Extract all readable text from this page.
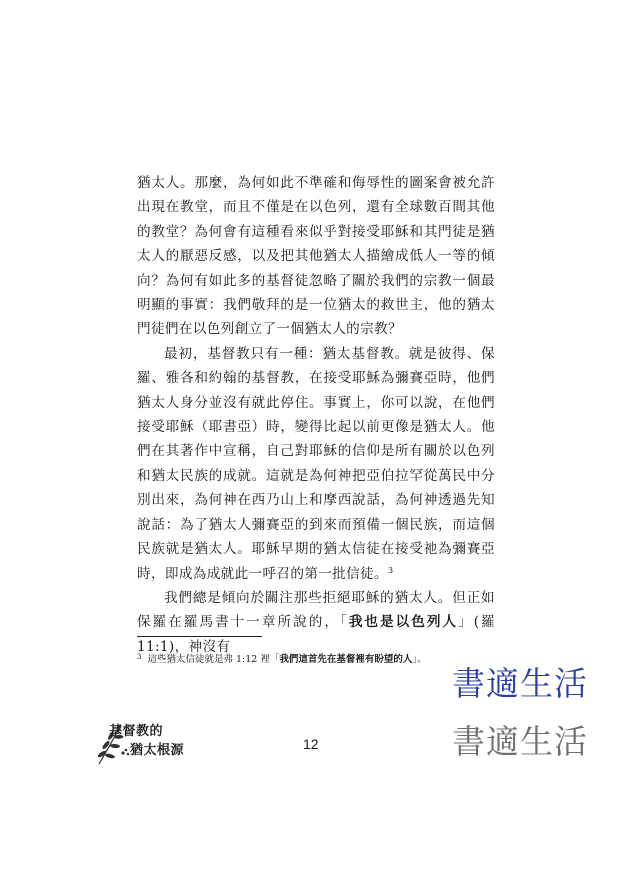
猶太人。那麼，為何如此不準確和侮辱性的圖案會被允許出現在教堂，而且不僅是在以色列，還有全球數百間其他的教堂？為何會有這種看來似乎對接受耶穌和其門徒是猶太人的厭惡反感，以及把其他猶太人描繪成低人一等的傾向？為何有如此多的基督徒忽略了關於我們的宗教一個最明顯的事實：我們敬拜的是一位猶太的救世主，他的猶太門徒們在以色列創立了一個猶太人的宗教？

最初，基督教只有一種：猶太基督教。就是彼得、保羅、雅各和約翰的基督教，在接受耶穌為彌賽亞時，他們猶太人身分並沒有就此停住。事實上，你可以說，在他們接受耶穌（耶書亞）時，變得比起以前更像是猶太人。他們在其著作中宣稱，自己對耶穌的信仰是所有關於以色列和猶太民族的成就。這就是為何神把亞伯拉罕從萬民中分別出來，為何神在西乃山上和摩西說話，為何神透過先知說話：為了猶太人彌賽亞的到來而預備一個民族，而這個民族就是猶太人。耶穌早期的猶太信徒在接受祂為彌賽亞時，即成為成就此一呼召的第一批信徒。$^3$

我們總是傾向於關注那些拒絕耶穌的猶太人。但正如保羅在羅馬書十一章所說的，「我也是以色列人」(羅 11:1)，神沒有

$^3$ 這些猶太信徒就是弗 1:12 裡「我們這首先在基督裡有盼望的人」。
書適生活
書適生活
基督教的
猶太根源	12
